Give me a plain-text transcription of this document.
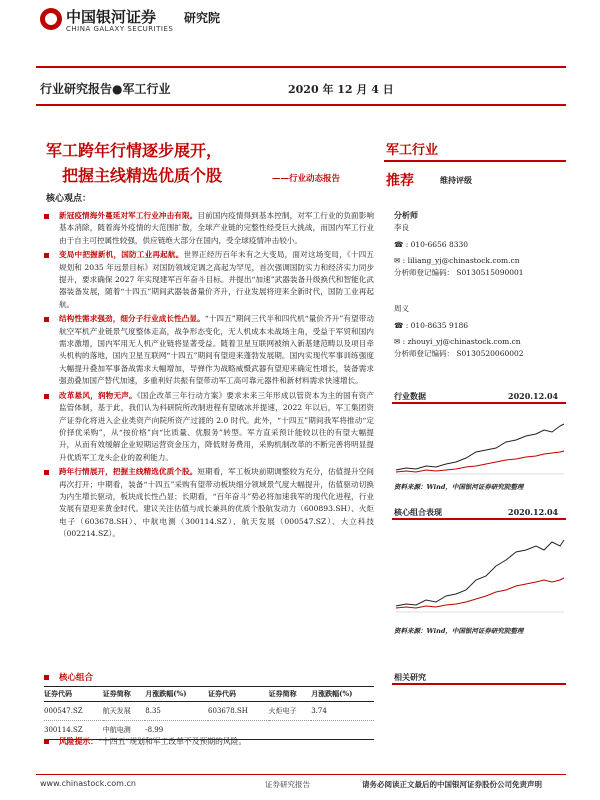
中国银河证券
CHINA GALAXY SECURITIES
研究院
行业研究报告●军工行业	2020 年 12 月 4 日
军工跨年行情逐步展开，
把握主线精选优质个股	——行业动态报告
核心观点：
新冠疫情海外蔓延对军工行业冲击有限。目前国内疫情得到基本控制，对军工行业的负面影响基本消除，随着海外疫情的大范围扩散，全球产业链的完整性经受巨大挑战，而国内军工行业由于自主可控属性较强，供应链绝大部分在国内，受全球疫情冲击较小。
变局中把握新机，国防工业再起航。世界正经历百年未有之大变局，面对这场变局，《十四五规划和 2035 年远景目标》对国防领域定调之高起为罕见，首次强调国防实力和经济实力同步提升，要求确保 2027 年实现建军百年奋斗目标。并提出“加速”武器装备升级换代和智能化武器装备发展，随着“十四五”期间武器装备量价齐升，行业发展将迎来全新时代，国防工业再起航。
结构性需求强劲，细分子行业成长性凸显。“十四五”期间三代半和四代机“量价齐升”有望带动航空军机产业链景气度整体走高，战争形态变化，无人机成本未战场主角，受益于军贸和国内需求激增，国内军用无人机产业链将显著受益。随着卫星互联网被纳入新基建范畴以及项目牵头机构的落地，国内卫星互联网“十四五”期间有望迎来蓬勃发展期。国内实现代军事训练强度大幅提升叠加军事备战需求大幅增加，导弹作为战略威慑武器有望迎来确定性增长，装备需求强劲叠加国产替代加速，多重利好共振有望带动军工高可靠元器件和新材料需求快速增长。
改革悬风，润物无声。《国企改革三年行动方案》要求未来三年形成以管资本为主的国有资产监管体制，基于此，我们认为科研院所改制进程有望破冰并提速，2022 年以后，军工集团资产证券化将进入企业类资产向院所资产过渡的 2.0 时代。此外，“十四五”期间我军将推动“定价择优采购”，从“按价格”向“比质量、优服务”转型。军方直采预计能较以往的有望大幅提升，从而有效缓解企业短期运营资金压力，降低财务费用，采购机制改革的不断完善将明显提升优质军工龙头企业的盈利能力。
跨年行情展开，把握主线精选优质个股。短期看，军工板块前期调整较为充分，估值提升空间再次打开；中期看，装备“十四五”采购有望带动板块细分领域景气度大幅提升，估值驱动切换为内生增长驱动，板块成长性凸显；长期看，“百年奋斗”势必将加速我军的现代化进程，行业发展有望迎来黄金时代。建议关注估值与成长兼具的优质个股航发动力（600893.SH）、火炬电子（603678.SH）、中航电测（300114.SZ）、航天发展（000547.SZ）、大立科技（002214.SZ）。
核心组合
证券代码	证券简称	月涨跌幅(%)	证券代码	证券简称	月涨跌幅(%)
000547.SZ	航天发展	8.35	603678.SH	火炬电子	3.74
300114.SZ	中航电测	-8.99			
风险提示： “十四五”规划和军工改革不及预期的风险。
军工行业
推荐	维持评级
分析师
李良
☎ : 010-6656 8330
✉ : liliang_yj@chinastock.com.cn
分析师登记编码： S0130515090001
周义
☎ : 010-8635 9186
✉ : zhouyi_yj@chinastock.com.cn
分析师登记编码： S0130520060002
行业数据	2020.12.04
资料来源：Wind，中国银河证券研究院整理
核心组合表现	2020.12.04
资料来源：Wind，中国银河证券研究院整理
相关研究
www.chinastock.com.cn	证券研究报告	请务必阅读正文最后的中国银河证券股份公司免责声明
